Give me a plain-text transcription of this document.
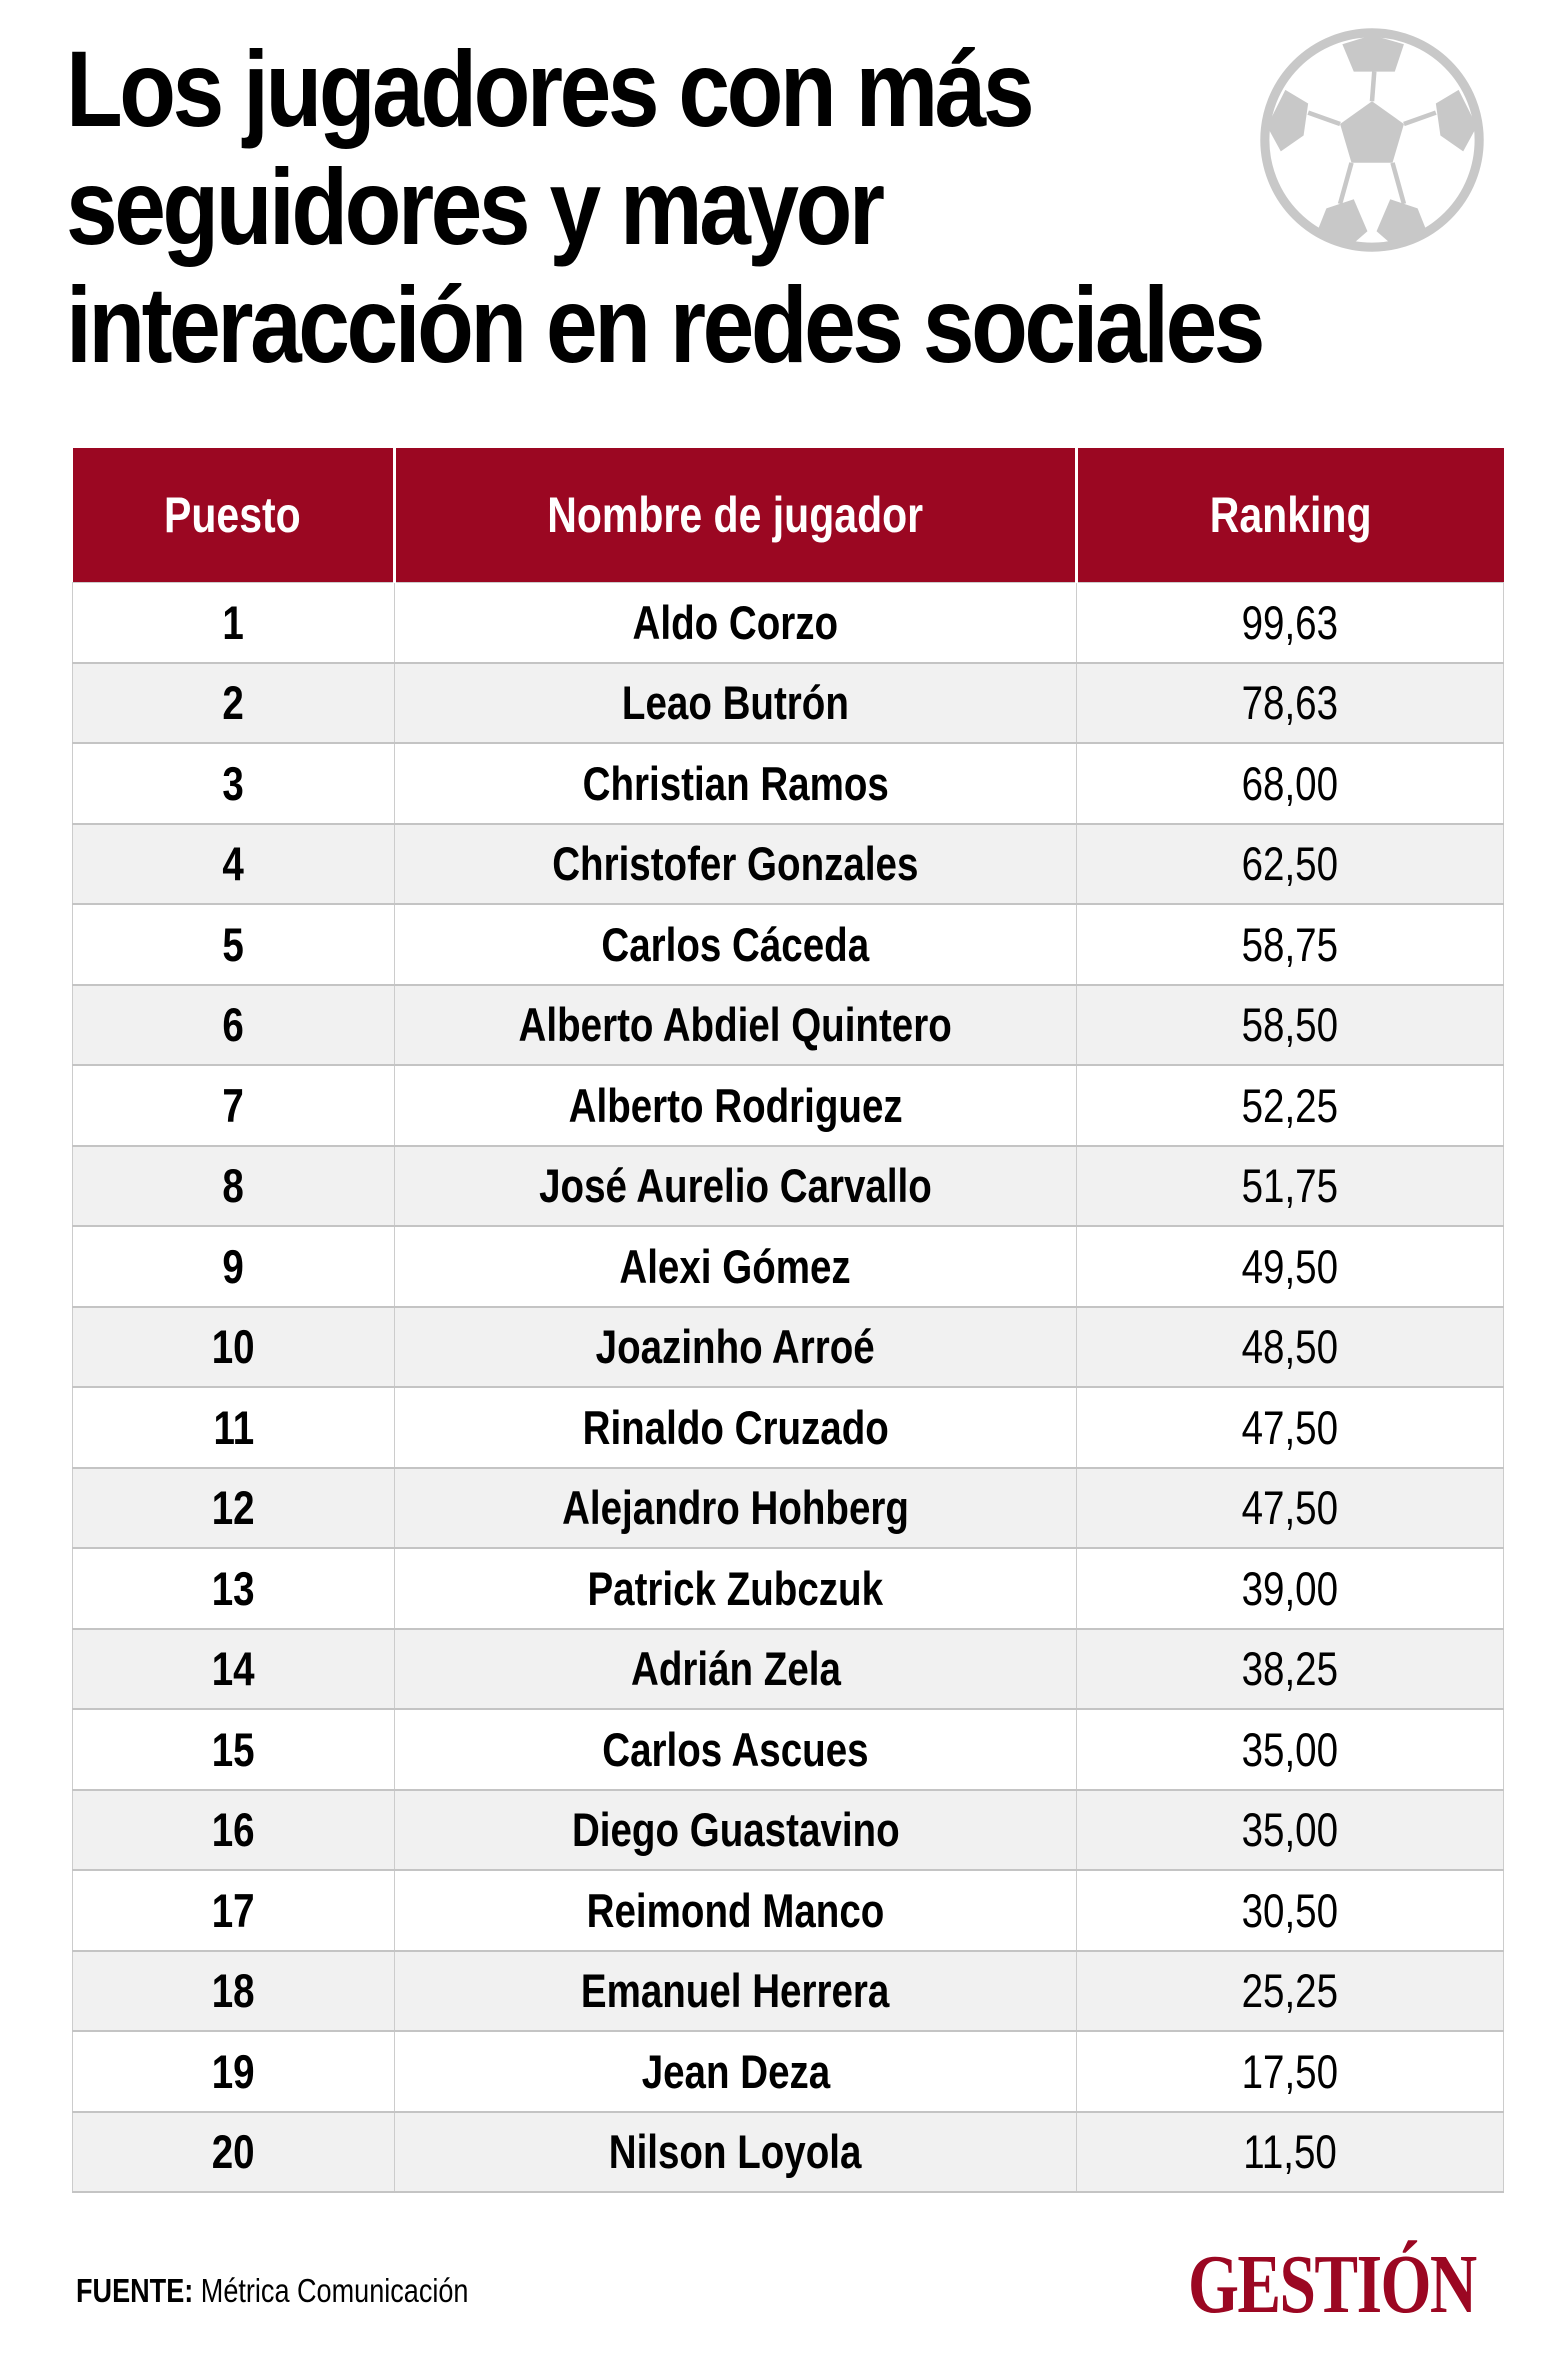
Los jugadores con más
seguidores y mayor
interacción en redes sociales
Puesto	Nombre de jugador	Ranking
1	Aldo Corzo	99,63
2	Leao Butrón	78,63
3	Christian Ramos	68,00
4	Christofer Gonzales	62,50
5	Carlos Cáceda	58,75
6	Alberto Abdiel Quintero	58,50
7	Alberto Rodriguez	52,25
8	José Aurelio Carvallo	51,75
9	Alexi Gómez	49,50
10	Joazinho Arroé	48,50
11	Rinaldo Cruzado	47,50
12	Alejandro Hohberg	47,50
13	Patrick Zubczuk	39,00
14	Adrián Zela	38,25
15	Carlos Ascues	35,00
16	Diego Guastavino	35,00
17	Reimond Manco	30,50
18	Emanuel Herrera	25,25
19	Jean Deza	17,50
20	Nilson Loyola	11,50
FUENTE: Métrica Comunicación	GESTIÓN
